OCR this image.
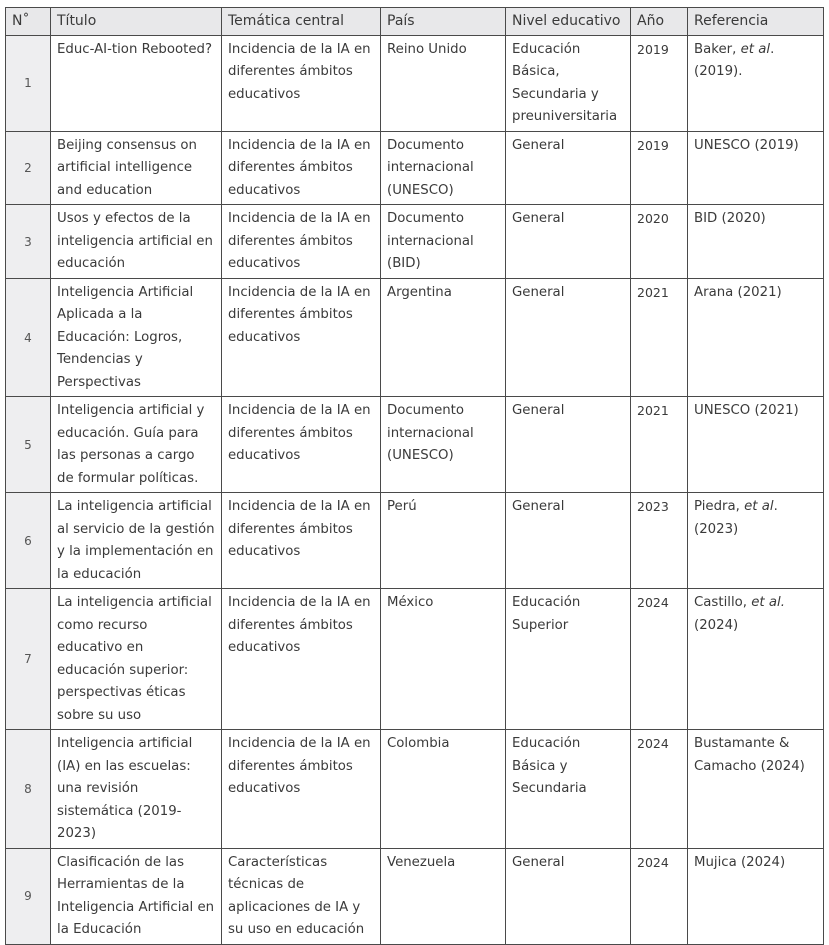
N˚	Título	Temática central	País	Nivel educativo	Año	Referencia
1	Educ-AI-tion Rebooted?	Incidencia de la IA en diferentes ámbitos educativos	Reino Unido	Educación Básica, Secundaria y preuniversitaria	2019	Baker, et al. (2019).
2	Beijing consensus on artificial intelligence and education	Incidencia de la IA en diferentes ámbitos educativos	Documento internacional (UNESCO)	General	2019	UNESCO (2019)
3	Usos y efectos de la inteligencia artificial en educación	Incidencia de la IA en diferentes ámbitos educativos	Documento internacional (BID)	General	2020	BID (2020)
4	Inteligencia Artificial Aplicada a la Educación: Logros, Tendencias y Perspectivas	Incidencia de la IA en diferentes ámbitos educativos	Argentina	General	2021	Arana (2021)
5	Inteligencia artificial y educación. Guía para las personas a cargo de formular políticas.	Incidencia de la IA en diferentes ámbitos educativos	Documento internacional (UNESCO)	General	2021	UNESCO (2021)
6	La inteligencia artificial al servicio de la gestión y la implementación en la educación	Incidencia de la IA en diferentes ámbitos educativos	Perú	General	2023	Piedra, et al. (2023)
7	La inteligencia artificial como recurso educativo en educación superior: perspectivas éticas sobre su uso	Incidencia de la IA en diferentes ámbitos educativos	México	Educación Superior	2024	Castillo, et al. (2024)
8	Inteligencia artificial (IA) en las escuelas: una revisión sistemática (2019-2023)	Incidencia de la IA en diferentes ámbitos educativos	Colombia	Educación Básica y Secundaria	2024	Bustamante & Camacho (2024)
9	Clasificación de las Herramientas de la Inteligencia Artificial en la Educación	Características técnicas de aplicaciones de IA y su uso en educación	Venezuela	General	2024	Mujica (2024)
